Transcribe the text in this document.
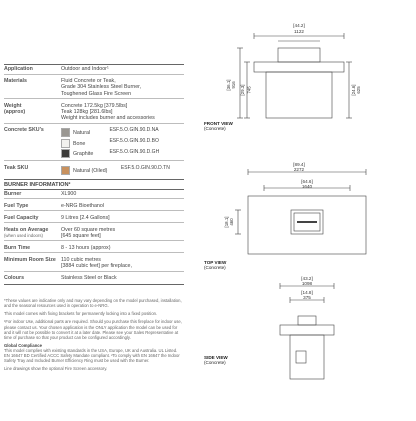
Application	Outdoor and Indoor¹

Materials	Fluid Concrete or Teak,
Grade 304 Stainless Steel Burner,
Toughened Glass Fire Screen

Weight
(approx)	Concrete 172.5kg [379.5lbs]
Teak 128kg [281.6lbs]
Weight includes burner and accessories

Concrete SKU’s		Natural	ESF.5.O.GIN.90.D.NA
Bone	ESF.5.O.GIN.90.D.BO
Graphite	ESF.5.O.GIN.90.D.GH

Teak SKU		Natural (Oiled)	ESF.5.O.GIN.90.D.TN
BURNER INFORMATION²
Burner	XL900

Fuel Type	e-NRG Bioethanol

Fuel Capacity	9 Litres [2.4 Gallons]

Heats on Average
(when used indoors)	Over 60 square metres
[645 square feet]

Burn Time	8 - 13 hours (approx)

Minimum Room Size	110 cubic metres
[3884 cubic feet] per fireplace,

Colours	Stainless Steel or Black

*These values are indicative only and may vary depending on the model purchased, installation, and the seasonal resources used in operation to e-NRG.

This model comes with fixing brackets for permanently locking into a fixed position.

¹For indoor Use, additional parts are required. Should you purchase this fireplace for indoor use, please contact us. Your chosen application is the ONLY application the model can be used for and it will not be possible to convert it at a later date. Please see your Sales Representative at time of purchase so that your product can be configured accordingly.

Global Compliance

This model complies with existing standards in the USA, Europe, UK and Australia. UL Listed. EN 16647 BD Certified ACCC Safety Mandate compliant. ²To comply with EN 16647 the Indoor Safety Tray and Included Burner Efficiency Ring must be used with the Burner.

Line drawings show the optional Fire Screen accessory.

[44.2]
1122
[89.4]
2272
[64.6]
1640
[43.2]
1098
[14.8]
375
[36.1] 916 [29.3] 745	[24.6] 625
[18.1] 460
FRONT VIEW
(Concrete)
TOP VIEW
(Concrete)
SIDE VIEW
(Concrete)
